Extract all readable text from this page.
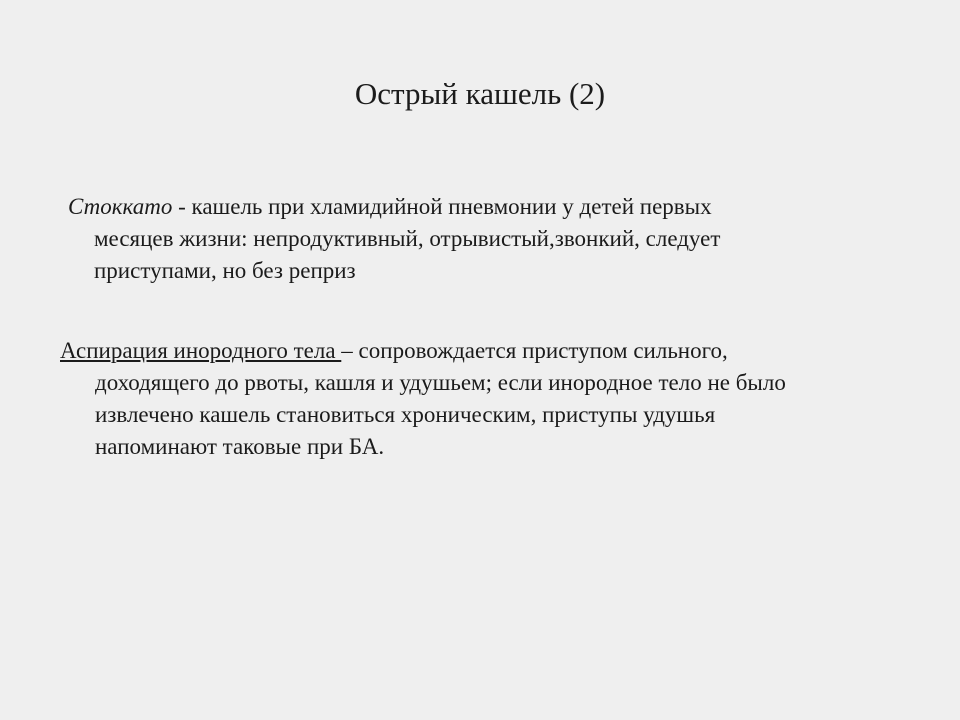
Острый кашель (2)

Стоккато - кашель при хламидийной пневмонии у детей первых
месяцев жизни: непродуктивный, отрывистый,звонкий, следует
приступами, но без реприз

Аспирация инородного тела – сопровождается приступом сильного,
доходящего до рвоты, кашля и удушьем; если инородное тело не было
извлечено кашель становиться хроническим, приступы удушья
напоминают таковые при БА.
